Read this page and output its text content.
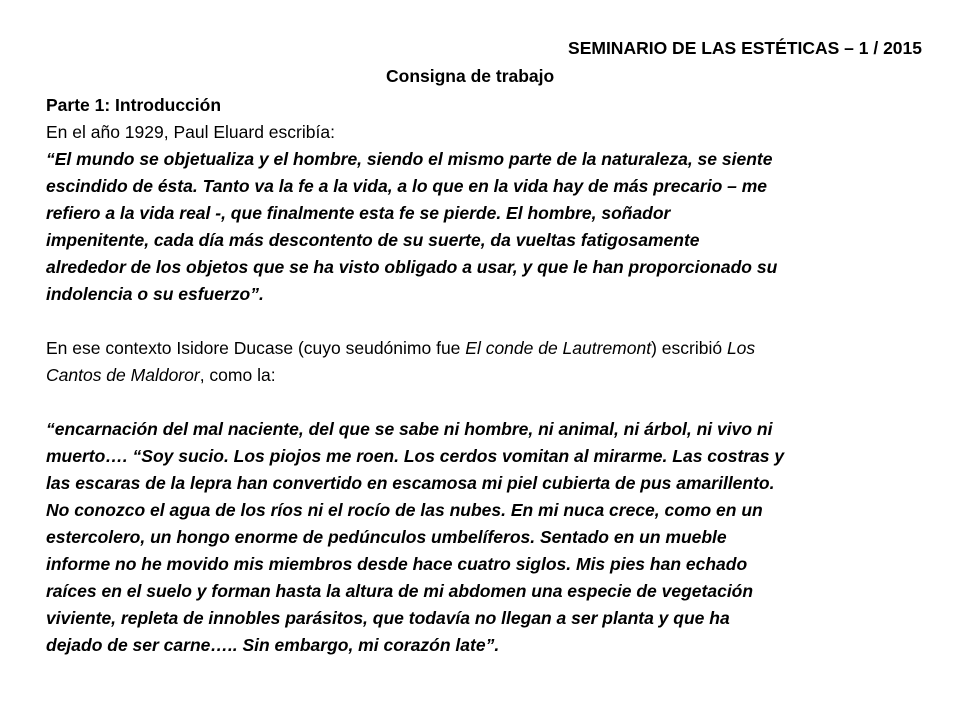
SEMINARIO DE LAS ESTÉTICAS – 1 / 2015
Consigna de trabajo
Parte 1: Introducción
En el año 1929, Paul Eluard escribía:
“El mundo se objetualiza y el hombre, siendo el mismo parte de la naturaleza, se siente
escindido de ésta. Tanto va la fe a la vida, a lo que en la vida hay de más precario – me
refiero a la vida real -, que finalmente esta fe se pierde. El hombre, soñador
impenitente, cada día más descontento de su suerte, da vueltas fatigosamente
alrededor de los objetos que se ha visto obligado a usar, y que le han proporcionado su
indolencia o su esfuerzo”.
En ese contexto Isidore Ducase (cuyo seudónimo fue El conde de Lautremont) escribió Los
Cantos de Maldoror, como la:
“encarnación del mal naciente, del que se sabe ni hombre, ni animal, ni árbol, ni vivo ni
muerto…. “Soy sucio. Los piojos me roen. Los cerdos vomitan al mirarme. Las costras y
las escaras de la lepra han convertido en escamosa mi piel cubierta de pus amarillento.
No conozco el agua de los ríos ni el rocío de las nubes. En mi nuca crece, como en un
estercolero, un hongo enorme de pedúnculos umbelíferos. Sentado en un mueble
informe no he movido mis miembros desde hace cuatro siglos. Mis pies han echado
raíces en el suelo y forman hasta la altura de mi abdomen una especie de vegetación
viviente, repleta de innobles parásitos, que todavía no llegan a ser planta y que ha
dejado de ser carne….. Sin embargo, mi corazón late”.
